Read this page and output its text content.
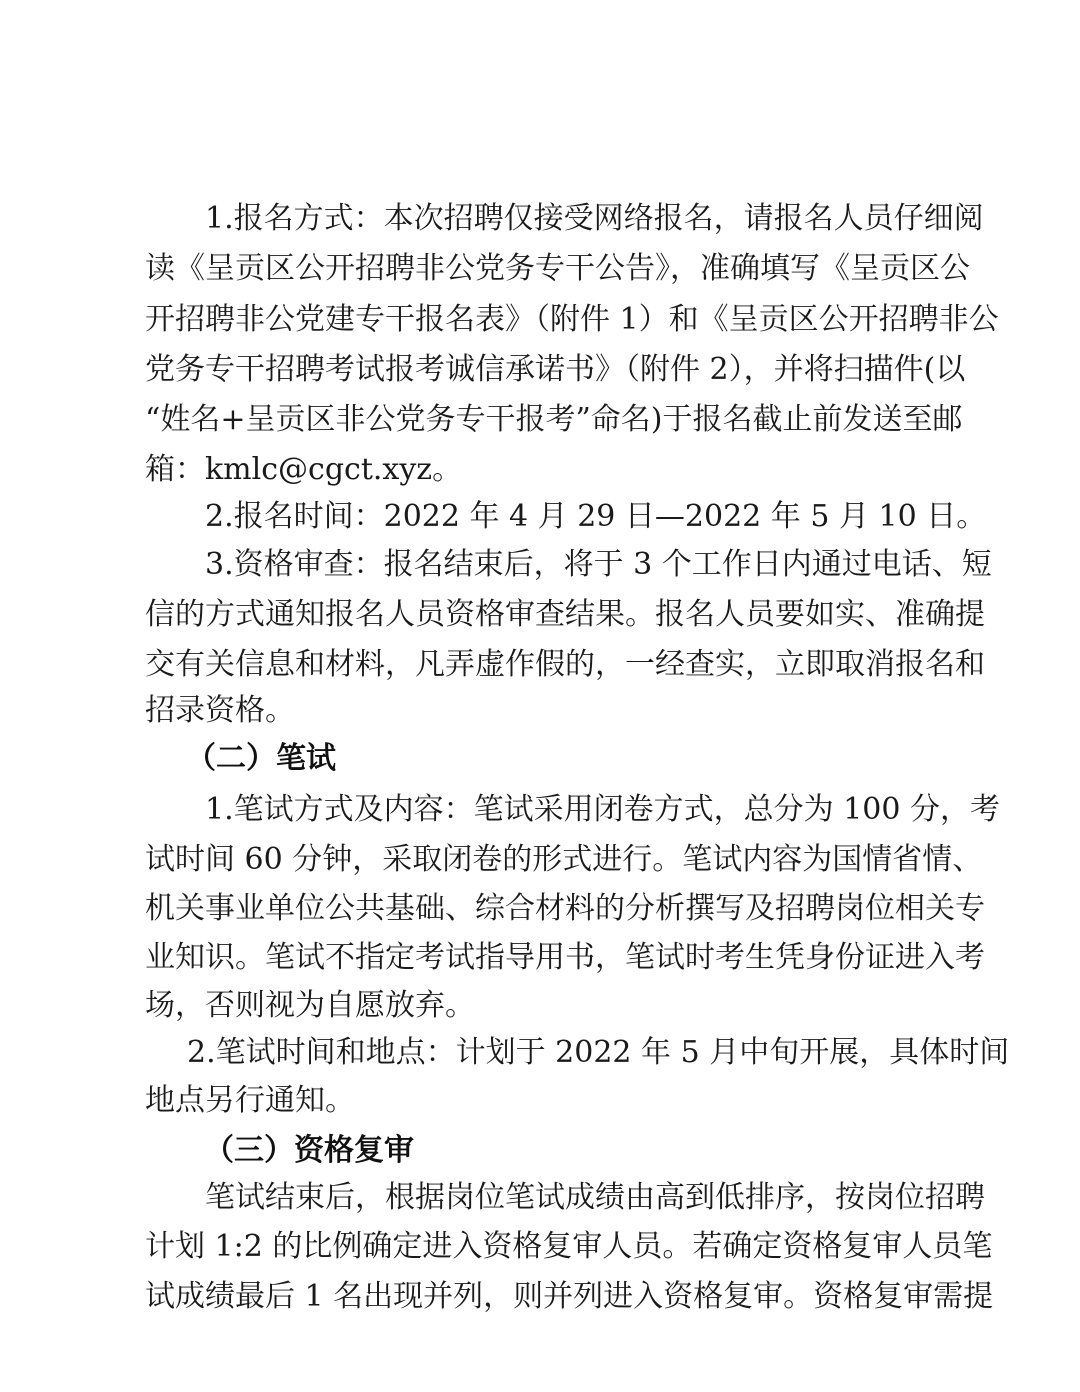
1.报名方式：本次招聘仅接受网络报名，请报名人员仔细阅

读《呈贡区公开招聘非公党务专干公告》，准确填写《呈贡区公

开招聘非公党建专干报名表》（附件 1）和《呈贡区公开招聘非公

党务专干招聘考试报考诚信承诺书》（附件 2），并将扫描件(以

“姓名+呈贡区非公党务专干报考”命名)于报名截止前发送至邮

箱：kmlc@cgct.xyz。

2.报名时间：2022 年 4 月 29 日—2022 年 5 月 10 日。

3.资格审查：报名结束后，将于 3 个工作日内通过电话、短

信的方式通知报名人员资格审查结果。报名人员要如实、准确提

交有关信息和材料，凡弄虚作假的，一经查实，立即取消报名和

招录资格。

（二）笔试

1.笔试方式及内容：笔试采用闭卷方式，总分为 100 分，考

试时间 60 分钟，采取闭卷的形式进行。笔试内容为国情省情、

机关事业单位公共基础、综合材料的分析撰写及招聘岗位相关专

业知识。笔试不指定考试指导用书，笔试时考生凭身份证进入考

场，否则视为自愿放弃。

2.笔试时间和地点：计划于 2022 年 5 月中旬开展，具体时间

地点另行通知。

（三）资格复审

笔试结束后，根据岗位笔试成绩由高到低排序，按岗位招聘

计划 1:2 的比例确定进入资格复审人员。若确定资格复审人员笔

试成绩最后 1 名出现并列，则并列进入资格复审。资格复审需提
